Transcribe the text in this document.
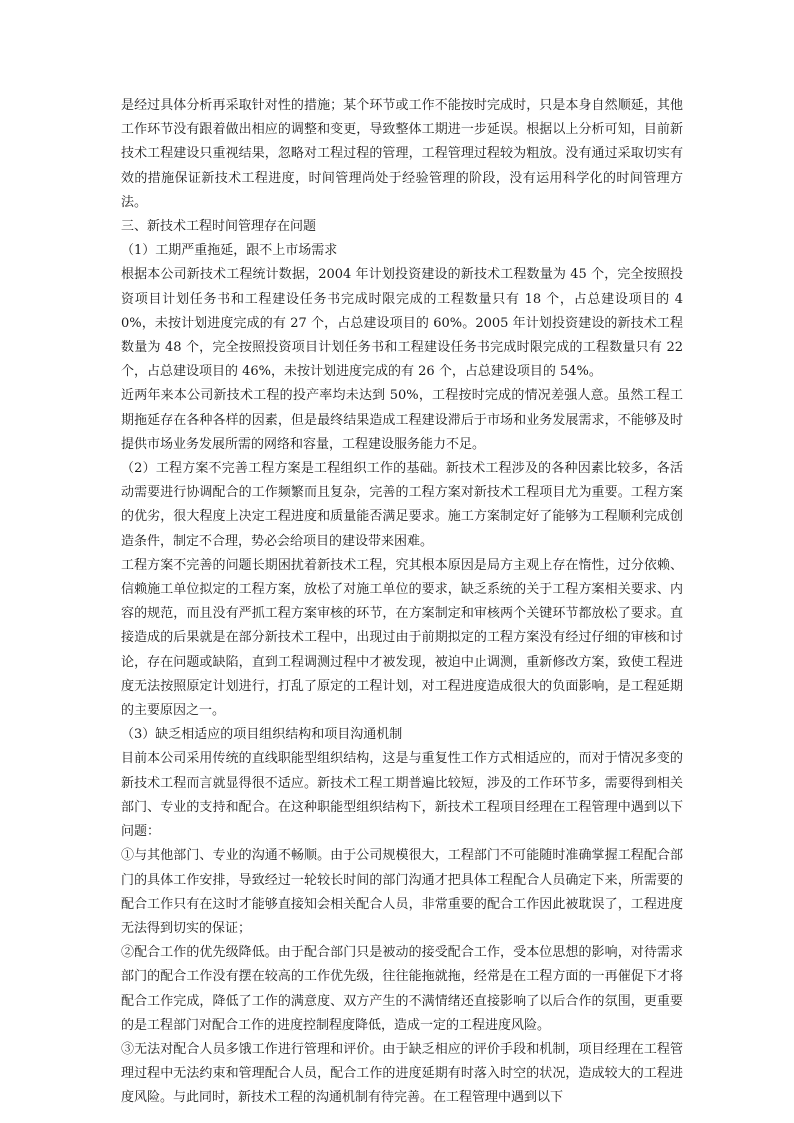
是经过具体分析再采取针对性的措施；某个环节或工作不能按时完成时，只是本身自然顺延，其他工作环节没有跟着做出相应的调整和变更，导致整体工期进一步延误。根据以上分析可知，目前新技术工程建设只重视结果，忽略对工程过程的管理，工程管理过程较为粗放。没有通过采取切实有效的措施保证新技术工程进度，时间管理尚处于经验管理的阶段，没有运用科学化的时间管理方法。

三、新技术工程时间管理存在问题

（1）工期严重拖延，跟不上市场需求

根据本公司新技术工程统计数据，2004 年计划投资建设的新技术工程数量为 45 个，完全按照投资项目计划任务书和工程建设任务书完成时限完成的工程数量只有 18 个，占总建设项目的 40%，未按计划进度完成的有 27 个，占总建设项目的 60%。2005 年计划投资建设的新技术工程数量为 48 个，完全按照投资项目计划任务书和工程建设任务书完成时限完成的工程数量只有 22 个，占总建设项目的 46%，未按计划进度完成的有 26 个，占总建设项目的 54%。

近两年来本公司新技术工程的投产率均未达到 50%，工程按时完成的情况差强人意。虽然工程工期拖延存在各种各样的因素，但是最终结果造成工程建设滞后于市场和业务发展需求，不能够及时提供市场业务发展所需的网络和容量，工程建设服务能力不足。

（2）工程方案不完善工程方案是工程组织工作的基础。新技术工程涉及的各种因素比较多，各活动需要进行协调配合的工作频繁而且复杂，完善的工程方案对新技术工程项目尤为重要。工程方案的优劣，很大程度上决定工程进度和质量能否满足要求。施工方案制定好了能够为工程顺利完成创造条件，制定不合理，势必会给项目的建设带来困难。

工程方案不完善的问题长期困扰着新技术工程，究其根本原因是局方主观上存在惰性，过分依赖、信赖施工单位拟定的工程方案，放松了对施工单位的要求，缺乏系统的关于工程方案相关要求、内容的规范，而且没有严抓工程方案审核的环节，在方案制定和审核两个关键环节都放松了要求。直接造成的后果就是在部分新技术工程中，出现过由于前期拟定的工程方案没有经过仔细的审核和讨论，存在问题或缺陷，直到工程调测过程中才被发现，被迫中止调测，重新修改方案，致使工程进度无法按照原定计划进行，打乱了原定的工程计划，对工程进度造成很大的负面影响，是工程延期的主要原因之一。

（3）缺乏相适应的项目组织结构和项目沟通机制

目前本公司采用传统的直线职能型组织结构，这是与重复性工作方式相适应的，而对于情况多变的新技术工程而言就显得很不适应。新技术工程工期普遍比较短，涉及的工作环节多，需要得到相关部门、专业的支持和配合。在这种职能型组织结构下，新技术工程项目经理在工程管理中遇到以下问题：

①与其他部门、专业的沟通不畅顺。由于公司规模很大，工程部门不可能随时准确掌握工程配合部门的具体工作安排，导致经过一轮较长时间的部门沟通才把具体工程配合人员确定下来，所需要的配合工作只有在这时才能够直接知会相关配合人员，非常重要的配合工作因此被耽误了，工程进度无法得到切实的保证；

②配合工作的优先级降低。由于配合部门只是被动的接受配合工作，受本位思想的影响，对待需求部门的配合工作没有摆在较高的工作优先级，往往能拖就拖，经常是在工程方面的一再催促下才将配合工作完成，降低了工作的满意度、双方产生的不满情绪还直接影响了以后合作的氛围，更重要的是工程部门对配合工作的进度控制程度降低，造成一定的工程进度风险。

③无法对配合人员多饿工作进行管理和评价。由于缺乏相应的评价手段和机制，项目经理在工程管理过程中无法约束和管理配合人员，配合工作的进度延期有时落入时空的状况，造成较大的工程进度风险。与此同时，新技术工程的沟通机制有待完善。在工程管理中遇到以下
